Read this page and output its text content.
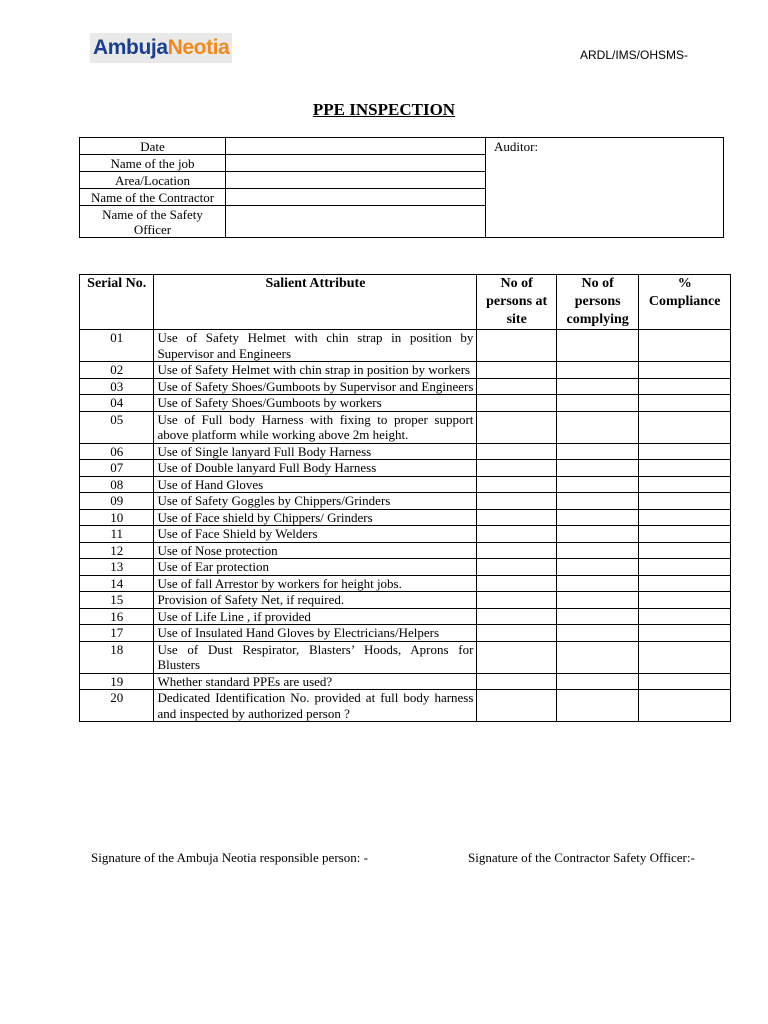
AmbujaNeotia	ARDL/IMS/OHSMS-
PPE INSPECTION
Date		Auditor:
Name of the job		
Area/Location		
Name of the Contractor		
Name of the Safety Officer		
Serial No.	Salient Attribute	No of persons at site	No of persons complying	% Compliance
01	Use of Safety Helmet with chin strap in position by Supervisor and Engineers			
02	Use of Safety Helmet with chin strap in position by workers			
03	Use of Safety Shoes/Gumboots by Supervisor and Engineers			
04	Use of Safety Shoes/Gumboots by workers			
05	Use of Full body Harness with fixing to proper support above platform while working above 2m height.			
06	Use of Single lanyard Full Body Harness			
07	Use of Double lanyard Full Body Harness			
08	Use of Hand Gloves			
09	Use of Safety Goggles by Chippers/Grinders			
10	Use of Face shield by Chippers/ Grinders			
11	Use of Face Shield by Welders			
12	Use of Nose protection			
13	Use of Ear protection			
14	Use of fall Arrestor by workers for height jobs.			
15	Provision of Safety Net, if required.			
16	Use of Life Line , if provided			
17	Use of Insulated Hand Gloves by Electricians/Helpers			
18	Use of Dust Respirator, Blasters’ Hoods, Aprons for Blusters			
19	Whether standard PPEs are used?			
20	Dedicated Identification No. provided at full body harness and inspected by authorized person ?			
Signature of the Ambuja Neotia responsible person: -	Signature of the Contractor Safety Officer:-
